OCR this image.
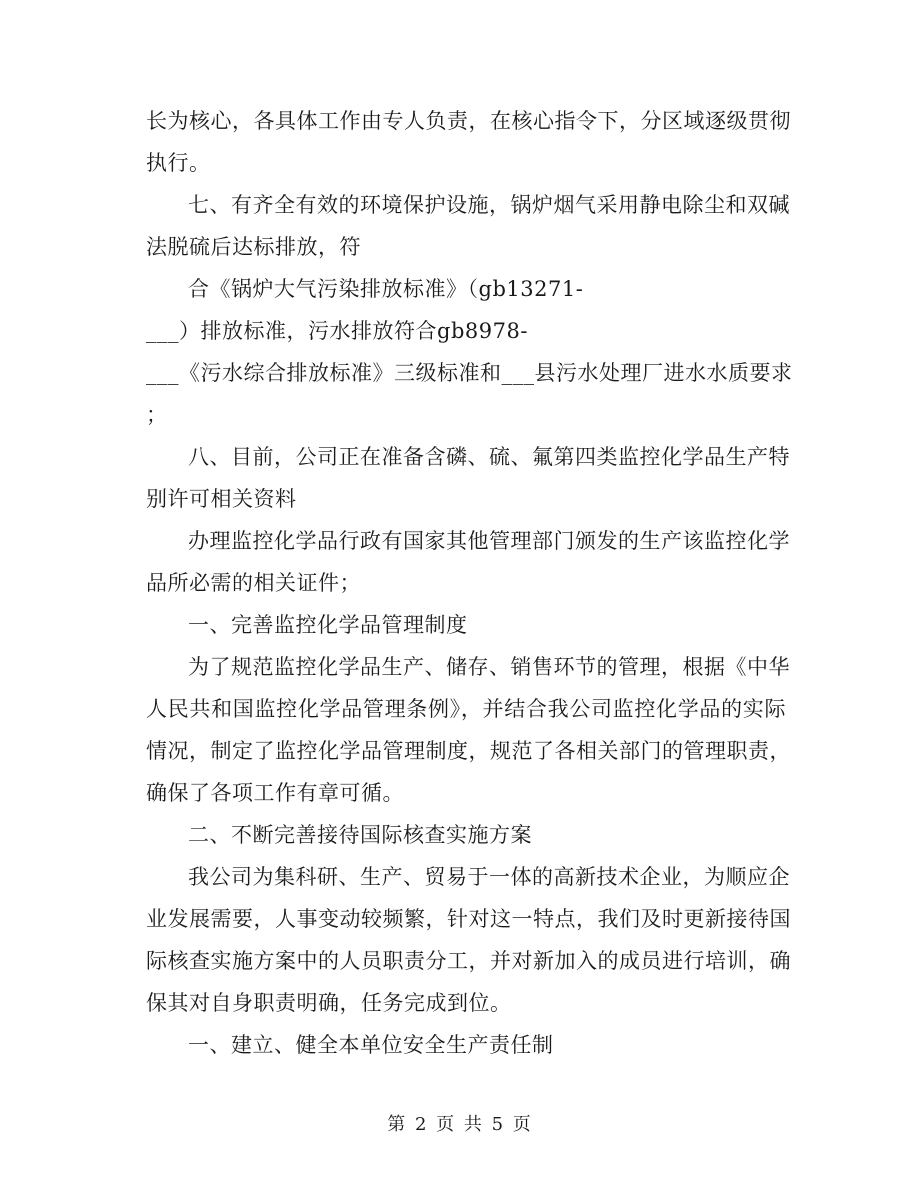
长为核心，各具体工作由专人负责，在核心指令下，分区域逐级贯彻
执行。
七、有齐全有效的环境保护设施，锅炉烟气采用静电除尘和双碱
法脱硫后达标排放，符
合《锅炉大气污染排放标准》（gb13271-
___）排放标准，污水排放符合gb8978-
___《污水综合排放标准》三级标准和___县污水处理厂进水水质要求
；
八、目前，公司正在准备含磷、硫、氟第四类监控化学品生产特
别许可相关资料
办理监控化学品行政有国家其他管理部门颁发的生产该监控化学
品所必需的相关证件；
一、完善监控化学品管理制度
为了规范监控化学品生产、储存、销售环节的管理，根据《中华
人民共和国监控化学品管理条例》，并结合我公司监控化学品的实际
情况，制定了监控化学品管理制度，规范了各相关部门的管理职责，
确保了各项工作有章可循。
二、不断完善接待国际核查实施方案
我公司为集科研、生产、贸易于一体的高新技术企业，为顺应企
业发展需要，人事变动较频繁，针对这一特点，我们及时更新接待国
际核查实施方案中的人员职责分工，并对新加入的成员进行培训，确
保其对自身职责明确，任务完成到位。
一、建立、健全本单位安全生产责任制
第 2 页 共 5 页
